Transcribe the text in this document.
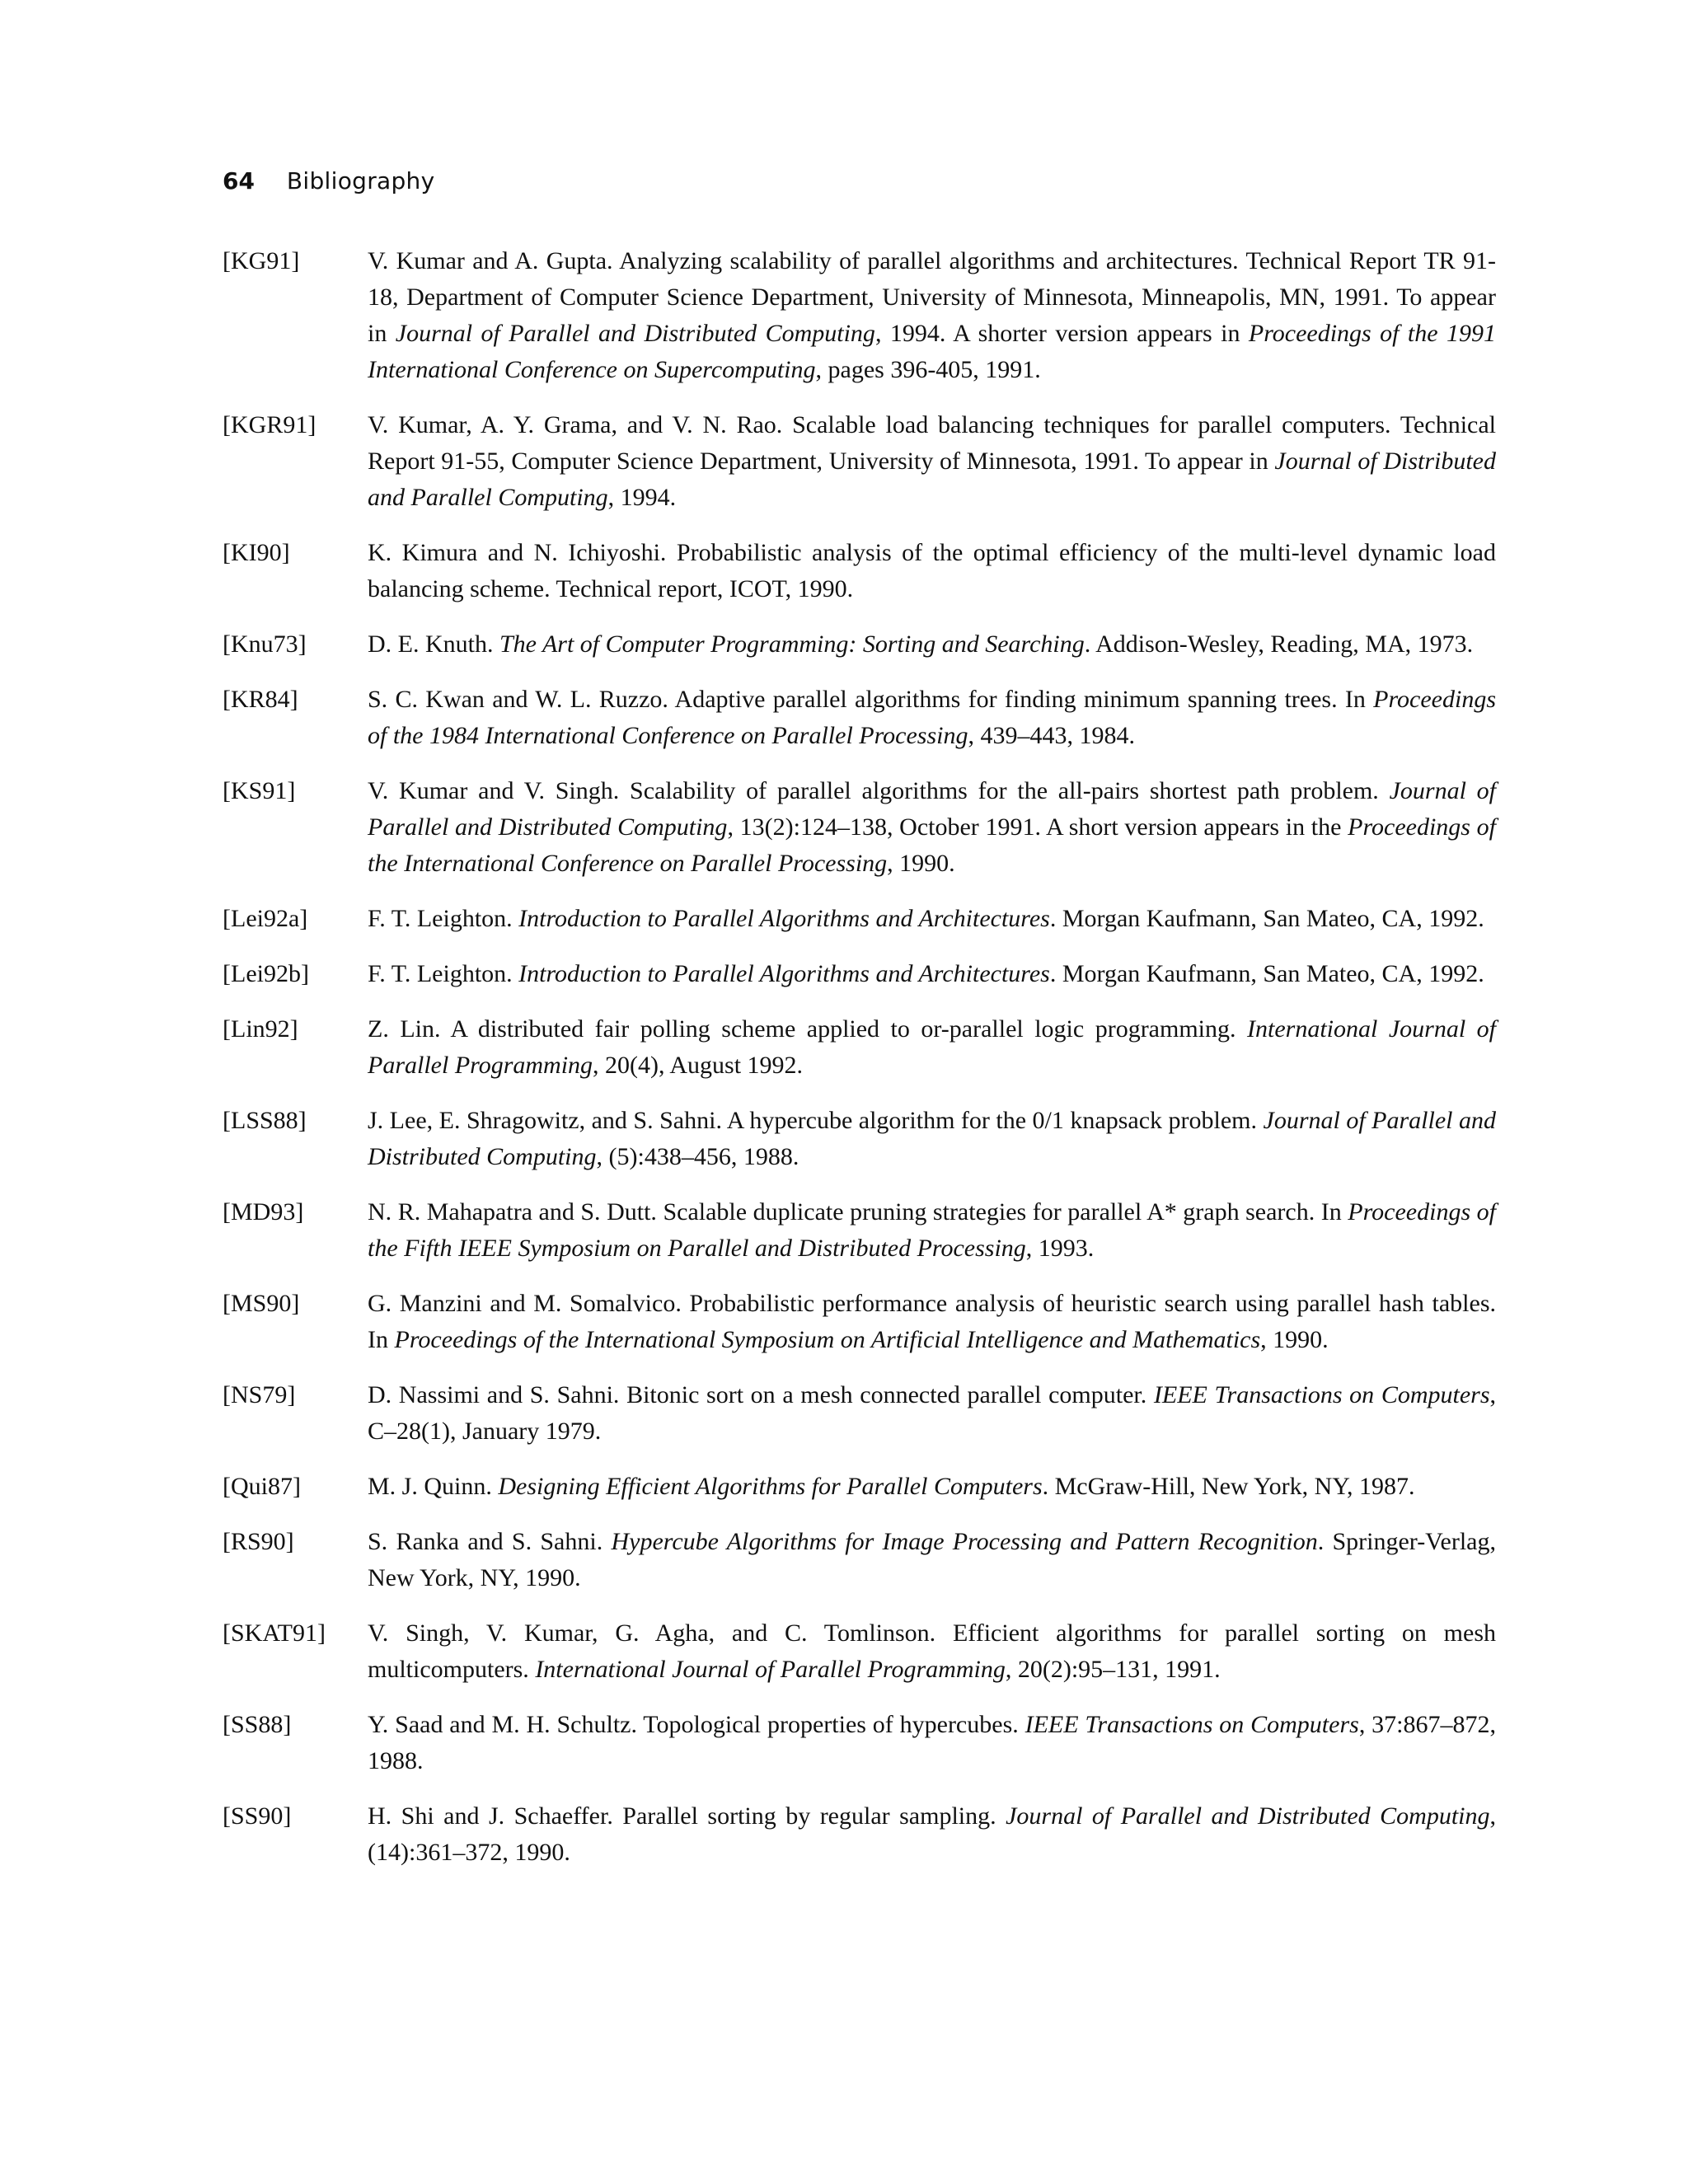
64 Bibliography
[KG91]	V. Kumar and A. Gupta. Analyzing scalability of parallel algorithms and architectures. Technical Report TR 91-18, Department of Computer Science Department, University of Minnesota, Minneapolis, MN, 1991. To appear in Journal of Parallel and Distributed Computing, 1994. A shorter version appears in Proceedings of the 1991 International Conference on Supercomputing, pages 396-405, 1991.
[KGR91]	V. Kumar, A. Y. Grama, and V. N. Rao. Scalable load balancing techniques for parallel computers. Technical Report 91-55, Computer Science Department, University of Minnesota, 1991. To appear in Journal of Distributed and Parallel Computing, 1994.
[KI90]	K. Kimura and N. Ichiyoshi. Probabilistic analysis of the optimal efficiency of the multi-level dynamic load balancing scheme. Technical report, ICOT, 1990.
[Knu73]	D. E. Knuth. The Art of Computer Programming: Sorting and Searching. Addison-Wesley, Reading, MA, 1973.
[KR84]	S. C. Kwan and W. L. Ruzzo. Adaptive parallel algorithms for finding minimum spanning trees. In Proceedings of the 1984 International Conference on Parallel Processing, 439–443, 1984.
[KS91]	V. Kumar and V. Singh. Scalability of parallel algorithms for the all-pairs shortest path problem. Journal of Parallel and Distributed Computing, 13(2):124–138, October 1991. A short version appears in the Proceedings of the International Conference on Parallel Processing, 1990.
[Lei92a]	F. T. Leighton. Introduction to Parallel Algorithms and Architectures. Morgan Kaufmann, San Mateo, CA, 1992.
[Lei92b]	F. T. Leighton. Introduction to Parallel Algorithms and Architectures. Morgan Kaufmann, San Mateo, CA, 1992.
[Lin92]	Z. Lin. A distributed fair polling scheme applied to or-parallel logic programming. International Journal of Parallel Programming, 20(4), August 1992.
[LSS88]	J. Lee, E. Shragowitz, and S. Sahni. A hypercube algorithm for the 0/1 knapsack problem. Journal of Parallel and Distributed Computing, (5):438–456, 1988.
[MD93]	N. R. Mahapatra and S. Dutt. Scalable duplicate pruning strategies for parallel A* graph search. In Proceedings of the Fifth IEEE Symposium on Parallel and Distributed Processing, 1993.
[MS90]	G. Manzini and M. Somalvico. Probabilistic performance analysis of heuristic search using parallel hash tables. In Proceedings of the International Symposium on Artificial Intelligence and Mathematics, 1990.
[NS79]	D. Nassimi and S. Sahni. Bitonic sort on a mesh connected parallel computer. IEEE Transactions on Computers, C–28(1), January 1979.
[Qui87]	M. J. Quinn. Designing Efficient Algorithms for Parallel Computers. McGraw-Hill, New York, NY, 1987.
[RS90]	S. Ranka and S. Sahni. Hypercube Algorithms for Image Processing and Pattern Recognition. Springer-Verlag, New York, NY, 1990.
[SKAT91]	V. Singh, V. Kumar, G. Agha, and C. Tomlinson. Efficient algorithms for parallel sorting on mesh multicomputers. International Journal of Parallel Programming, 20(2):95–131, 1991.
[SS88]	Y. Saad and M. H. Schultz. Topological properties of hypercubes. IEEE Transactions on Computers, 37:867–872, 1988.
[SS90]	H. Shi and J. Schaeffer. Parallel sorting by regular sampling. Journal of Parallel and Distributed Computing, (14):361–372, 1990.
